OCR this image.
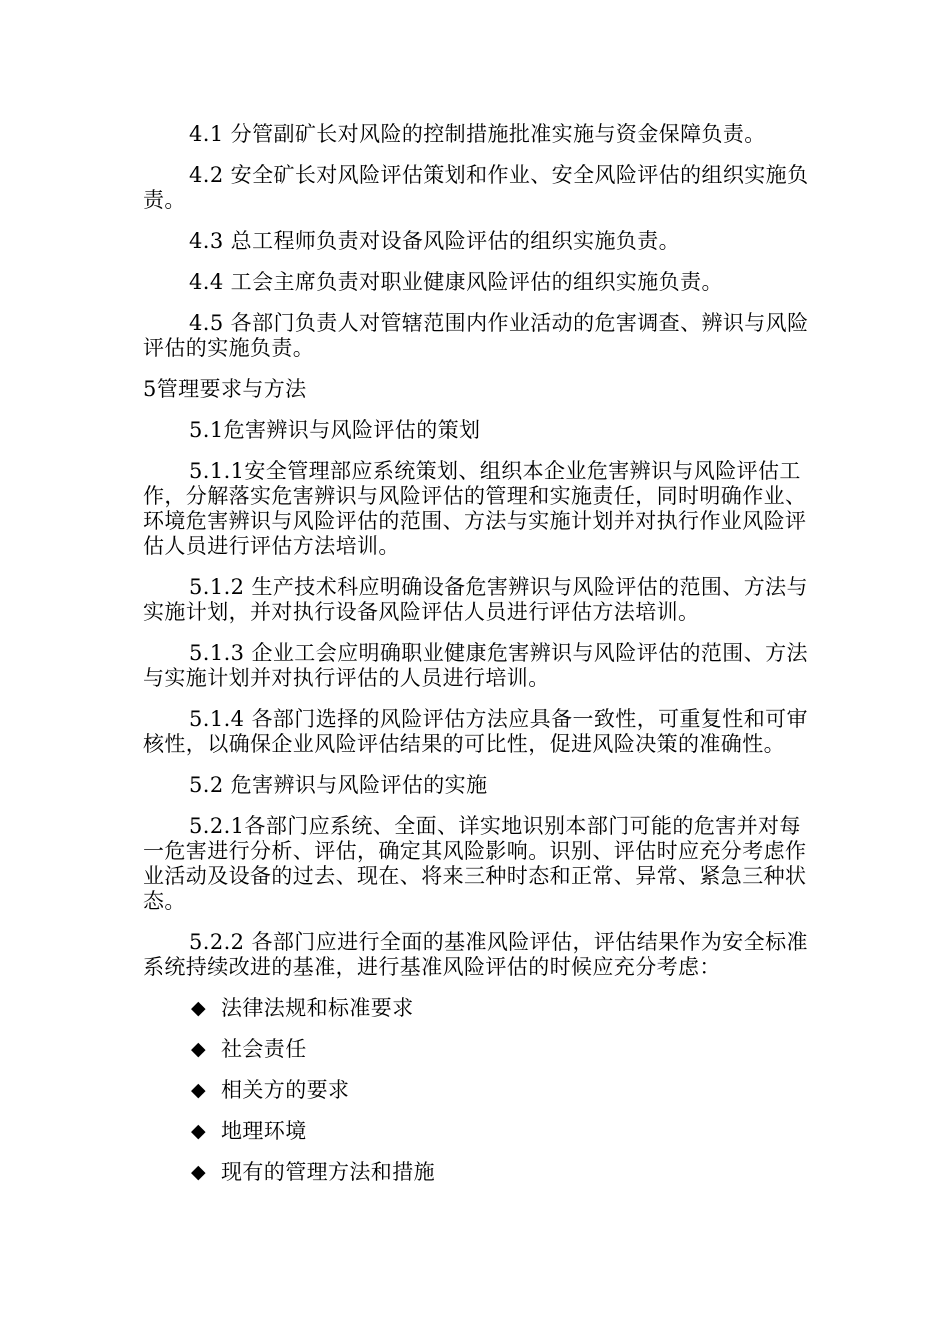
4.1 分管副矿长对风险的控制措施批准实施与资金保障负责。

4.2 安全矿长对风险评估策划和作业、安全风险评估的组织实施负责。

4.3 总工程师负责对设备风险评估的组织实施负责。

4.4 工会主席负责对职业健康风险评估的组织实施负责。

4.5 各部门负责人对管辖范围内作业活动的危害调查、辨识与风险评估的实施负责。

5管理要求与方法

5.1危害辨识与风险评估的策划

5.1.1安全管理部应系统策划、组织本企业危害辨识与风险评估工作，分解落实危害辨识与风险评估的管理和实施责任，同时明确作业、环境危害辨识与风险评估的范围、方法与实施计划并对执行作业风险评估人员进行评估方法培训。

5.1.2 生产技术科应明确设备危害辨识与风险评估的范围、方法与实施计划，并对执行设备风险评估人员进行评估方法培训。

5.1.3 企业工会应明确职业健康危害辨识与风险评估的范围、方法与实施计划并对执行评估的人员进行培训。

5.1.4 各部门选择的风险评估方法应具备一致性，可重复性和可审核性，以确保企业风险评估结果的可比性，促进风险决策的准确性。

5.2 危害辨识与风险评估的实施

5.2.1各部门应系统、全面、详实地识别本部门可能的危害并对每一危害进行分析、评估，确定其风险影响。识别、评估时应充分考虑作业活动及设备的过去、现在、将来三种时态和正常、异常、紧急三种状态。

5.2.2 各部门应进行全面的基准风险评估，评估结果作为安全标准系统持续改进的基准，进行基准风险评估的时候应充分考虑：

◆ 法律法规和标准要求
◆ 社会责任
◆ 相关方的要求
◆ 地理环境
◆ 现有的管理方法和措施
